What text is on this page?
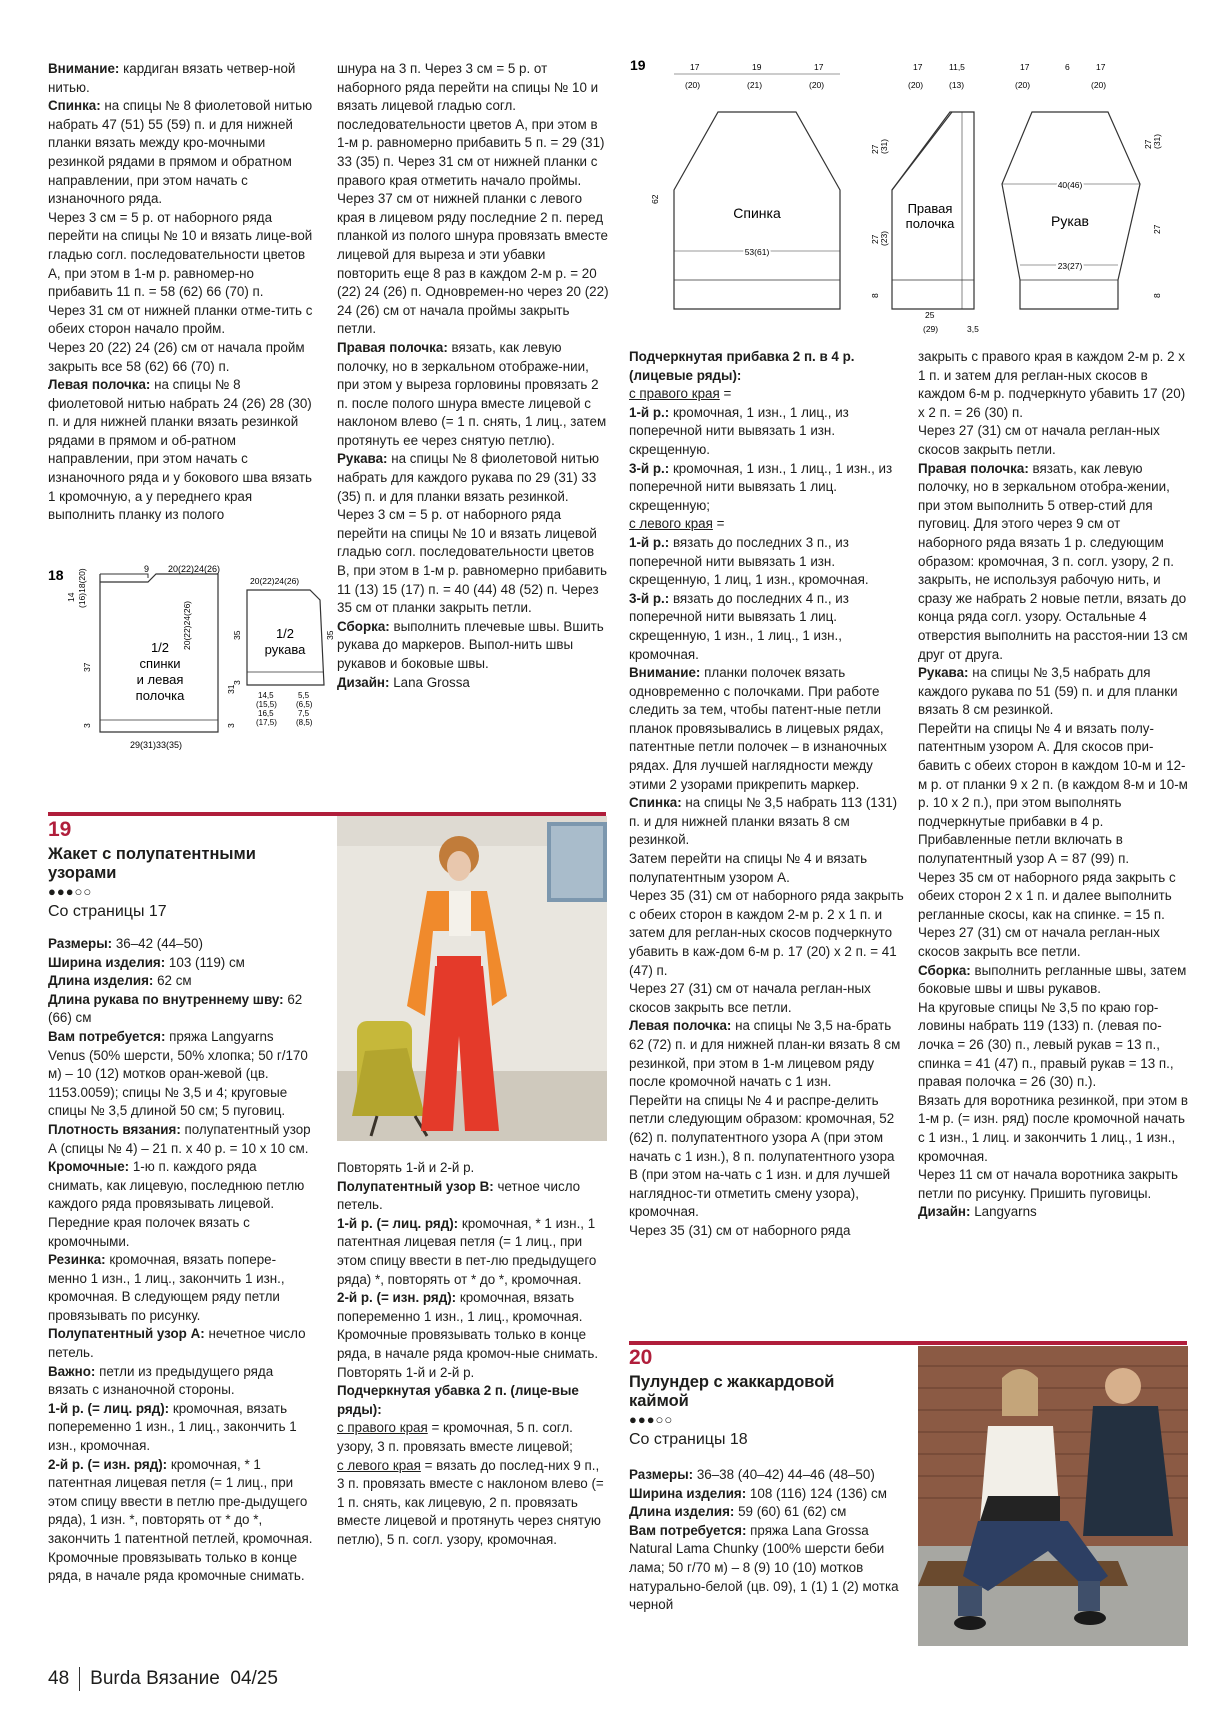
Внимание: кардиган вязать четвер-ной нитью.

Спинка: на спицы № 8 фиолетовой нитью набрать 47 (51) 55 (59) п. и для нижней планки вязать между кро-мочными резинкой рядами в прямом и обратном направлении, при этом начать с изнаночного ряда.

Через 3 см = 5 р. от наборного ряда перейти на спицы № 10 и вязать лице-вой гладью согл. последовательности цветов А, при этом в 1-м р. равномер-но прибавить 11 п. = 58 (62) 66 (70) п.

Через 31 см от нижней планки отме-тить с обеих сторон начало пройм.

Через 20 (22) 24 (26) см от начала пройм закрыть все 58 (62) 66 (70) п.

Левая полочка: на спицы № 8 фиолетовой нитью набрать 24 (26) 28 (30) п. и для нижней планки вязать резинкой рядами в прямом и об-ратном направлении, при этом начать с изнаночного ряда и у бокового шва вязать 1 кромочную, а у переднего края выполнить планку из полого

шнура на 3 п. Через 3 см = 5 р. от наборного ряда перейти на спицы № 10 и вязать лицевой гладью согл. последовательности цветов А, при этом в 1-м р. равномерно прибавить 5 п. = 29 (31) 33 (35) п. Через 31 см от нижней планки с правого края отметить начало проймы. Через 37 см от нижней планки с левого края в лицевом ряду последние 2 п. перед планкой из полого шнура провязать вместе лицевой для выреза и эти убавки повторить еще 8 раз в каждом 2-м р. = 20 (22) 24 (26) п. Одновремен-но через 20 (22) 24 (26) см от начала проймы закрыть петли.

Правая полочка: вязать, как левую полочку, но в зеркальном отображе-нии, при этом у выреза горловины провязать 2 п. после полого шнура вместе лицевой с наклоном влево (= 1 п. снять, 1 лиц., затем протянуть ее через снятую петлю).

Рукава: на спицы № 8 фиолетовой нитью набрать для каждого рукава по 29 (31) 33 (35) п. и для планки вязать резинкой. Через 3 см = 5 р. от наборного ряда перейти на спицы № 10 и вязать лицевой гладью согл. последовательности цветов В, при этом в 1-м р. равномерно прибавить 11 (13) 15 (17) п. = 40 (44) 48 (52) п. Через 35 см от планки закрыть петли.

Сборка: выполнить плечевые швы. Вшить рукава до маркеров. Выпол-нить швы рукавов и боковые швы.

Дизайн: Lana Grossa

Подчеркнутая прибавка 2 п. в 4 р. (лицевые ряды):

с правого края =

1-й р.: кромочная, 1 изн., 1 лиц., из поперечной нити вывязать 1 изн. скрещенную.

3-й р.: кромочная, 1 изн., 1 лиц., 1 изн., из поперечной нити вывязать 1 лиц. скрещенную;

с левого края =

1-й р.: вязать до последних 3 п., из поперечной нити вывязать 1 изн. скрещенную, 1 лиц, 1 изн., кромочная.

3-й р.: вязать до последних 4 п., из поперечной нити вывязать 1 лиц. скрещенную, 1 изн., 1 лиц., 1 изн., кромочная.

Внимание: планки полочек вязать одновременно с полочками. При работе следить за тем, чтобы патент-ные петли планок провязывались в лицевых рядах, патентные петли полочек – в изнаночных рядах. Для лучшей наглядности между этими 2 узорами прикрепить маркер.

Спинка: на спицы № 3,5 набрать 113 (131) п. и для нижней планки вязать 8 см резинкой.

Затем перейти на спицы № 4 и вязать полупатентным узором А.

Через 35 (31) см от наборного ряда закрыть с обеих сторон в каждом 2-м р. 2 х 1 п. и затем для реглан-ных скосов подчеркнуто убавить в каж-дом 6-м р. 17 (20) х 2 п. = 41 (47) п.

Через 27 (31) см от начала реглан-ных скосов закрыть все петли.

Левая полочка: на спицы № 3,5 на-брать 62 (72) п. и для нижней план-ки вязать 8 см резинкой, при этом в 1-м лицевом ряду после кромочной начать с 1 изн.

Перейти на спицы № 4 и распре-делить петли следующим образом: кромочная, 52 (62) п. полупатентного узора А (при этом начать с 1 изн.), 8 п. полупатентного узора В (при этом на-чать с 1 изн. и для лучшей нагляднос-ти отметить смену узора), кромочная.

Через 35 (31) см от наборного ряда

закрыть с правого края в каждом 2-м р. 2 х 1 п. и затем для реглан-ных скосов в каждом 6-м р. подчеркнуто убавить 17 (20) х 2 п. = 26 (30) п.

Через 27 (31) см от начала реглан-ных скосов закрыть петли.

Правая полочка: вязать, как левую полочку, но в зеркальном отобра-жении, при этом выполнить 5 отвер-стий для пуговиц. Для этого через 9 см от наборного ряда вязать 1 р. следующим образом: кромочная, 3 п. согл. узору, 2 п. закрыть, не используя рабочую нить, и сразу же набрать 2 новые петли, вязать до конца ряда согл. узору. Остальные 4 отверстия выполнить на расстоя-нии 13 см друг от друга.

Рукава: на спицы № 3,5 набрать для каждого рукава по 51 (59) п. и для планки вязать 8 см резинкой.

Перейти на спицы № 4 и вязать полу-патентным узором А. Для скосов при-бавить с обеих сторон в каждом 10-м и 12-м р. от планки 9 х 2 п. (в каждом 8-м и 10-м р. 10 х 2 п.), при этом выполнять подчеркнутые прибавки в 4 р. Прибавленные петли включать в полупатентный узор А = 87 (99) п.

Через 35 см от наборного ряда закрыть с обеих сторон 2 х 1 п. и далее выполнить регланные скосы, как на спинке. = 15 п.

Через 27 (31) см от начала реглан-ных скосов закрыть все петли.

Сборка: выполнить регланные швы, затем боковые швы и швы рукавов.

На круговые спицы № 3,5 по краю гор-ловины набрать 119 (133) п. (левая по-лочка = 26 (30) п., левый рукав = 13 п., спинка = 41 (47) п., правый рукав = 13 п., правая полочка = 26 (30) п.).

Вязать для воротника резинкой, при этом в 1-м р. (= изн. ряд) после кромочной начать с 1 изн., 1 лиц. и закончить 1 лиц., 1 изн., кромочная.

Через 11 см от начала воротника закрыть петли по рисунку. Пришить пуговицы.

Дизайн: Langyarns

18	9 20(22)24(26)
(16)18(20)
14
20(22)24(26)
37
31
3	3
29(31)33(35)
1/2
спинки
и левая
полочка
20(22)24(26)
1/2
рукава
35	35
5,5
(6,5)
7,5
(8,5)
14,5
(15,5)
16,5
(17,5)
3
19	17	19	17
(20)	(21)	(20)
Спинка
53(61)
62
17	11,5
(20)	(13)
Правая
полочка
27 (31)
27 (23)
8
25
(29)	3,5
17	6	17
(20)	(20)
40(46)
Рукав
23(27)
27 (31)
27
8
19
Жакет с полупатентными узорами
●●●○○
Со страницы 17

Размеры: 36–42 (44–50)

Ширина изделия: 103 (119) см

Длина изделия: 62 см

Длина рукава по внутреннему шву: 62 (66) см

Вам потребуется: пряжа Langyarns Venus (50% шерсти, 50% хлопка; 50 г/170 м) – 10 (12) мотков оран-жевой (цв. 1153.0059); спицы № 3,5 и 4; круговые спицы № 3,5 длиной 50 см; 5 пуговиц.

Плотность вязания: полупатентный узор А (спицы № 4) – 21 п. х 40 р. = 10 х 10 см.

Кромочные: 1-ю п. каждого ряда снимать, как лицевую, последнюю петлю каждого ряда провязывать лицевой. Передние края полочек вязать с кромочными.

Резинка: кромочная, вязать попере-менно 1 изн., 1 лиц., закончить 1 изн., кромочная. В следующем ряду петли провязывать по рисунку.

Полупатентный узор А: нечетное число петель.

Важно: петли из предыдущего ряда вязать с изнаночной стороны.

1-й р. (= лиц. ряд): кромочная, вязать попеременно 1 изн., 1 лиц., закончить 1 изн., кромочная.

2-й р. (= изн. ряд): кромочная, * 1 патентная лицевая петля (= 1 лиц., при этом спицу ввести в петлю пре-дыдущего ряда), 1 изн. *, повторять от * до *, закончить 1 патентной петлей, кромочная. Кромочные провязывать только в конце ряда, в начале ряда кромочные снимать.

Повторять 1-й и 2-й р.

Полупатентный узор В: четное число петель.

1-й р. (= лиц. ряд): кромочная, * 1 изн., 1 патентная лицевая петля (= 1 лиц., при этом спицу ввести в пет-лю предыдущего ряда) *, повторять от * до *, кромочная.

2-й р. (= изн. ряд): кромочная, вязать попеременно 1 изн., 1 лиц., кромочная.

Кромочные провязывать только в конце ряда, в начале ряда кромоч-ные снимать.

Повторять 1-й и 2-й р.

Подчеркнутая убавка 2 п. (лице-вые ряды):

с правого края = кромочная, 5 п. согл. узору, 3 п. провязать вместе лицевой;

с левого края = вязать до послед-них 9 п., 3 п. провязать вместе с наклоном влево (= 1 п. снять, как лицевую, 2 п. провязать вместе лицевой и протянуть через снятую петлю), 5 п. согл. узору, кромочная.

20
Пулундер с жаккардовой каймой
●●●○○
Со страницы 18

Размеры: 36–38 (40–42) 44–46 (48–50)

Ширина изделия: 108 (116) 124 (136) см

Длина изделия: 59 (60) 61 (62) см

Вам потребуется: пряжа Lana Grossa Natural Lama Chunky (100% шерсти беби лама; 50 г/70 м) – 8 (9) 10 (10) мотков натурально-белой (цв. 09), 1 (1) 1 (2) мотка черной

48 Burda Вязание 04/25
